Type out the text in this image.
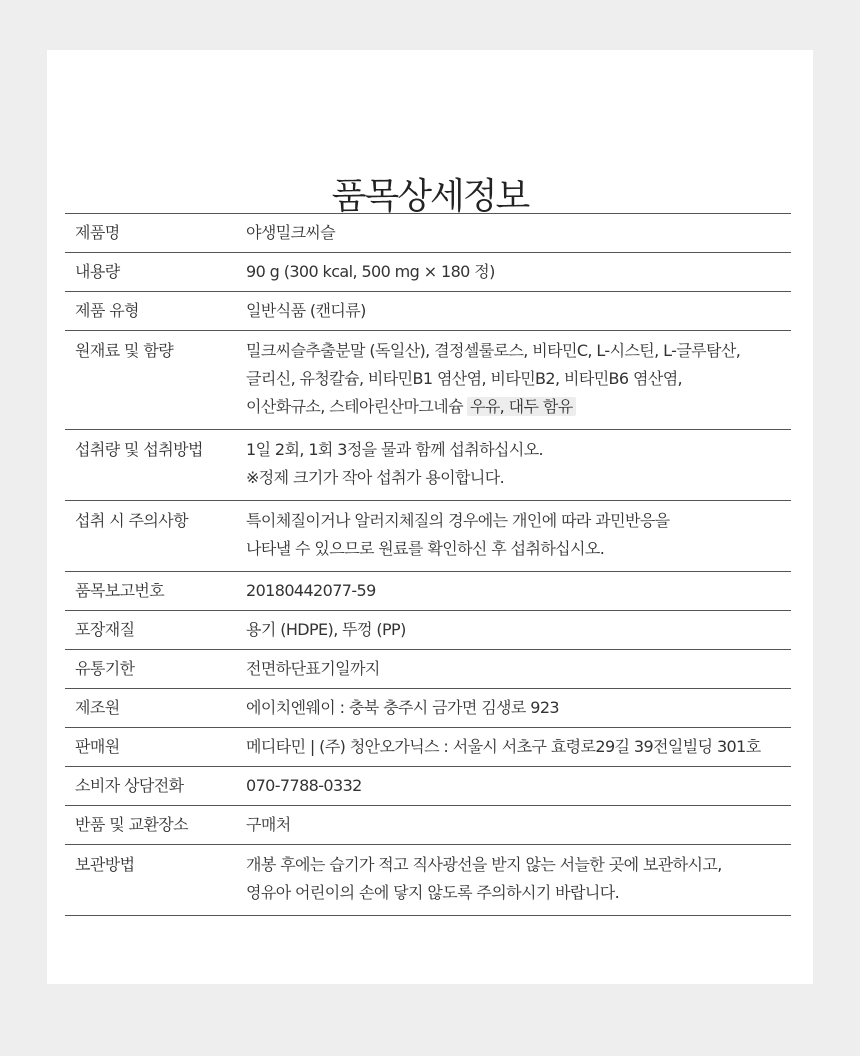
품목상세정보
제품명	야생밀크씨슬

내용량	90 g (300 kcal, 500 mg × 180 정)

제품 유형	일반식품 (캔디류)

원재료 및 함량	밀크씨슬추출분말 (독일산), 결정셀룰로스, 비타민C, L-시스틴, L-글루탐산,
글리신, 유청칼슘, 비타민B1 염산염, 비타민B2, 비타민B6 염산염,
이산화규소, 스테아린산마그네슘 우유, 대두 함유

섭취량 및 섭취방법	1일 2회, 1회 3정을 물과 함께 섭취하십시오.
※정제 크기가 작아 섭취가 용이합니다.

섭취 시 주의사항	특이체질이거나 알러지체질의 경우에는 개인에 따라 과민반응을
나타낼 수 있으므로 원료를 확인하신 후 섭취하십시오.

품목보고번호	20180442077-59

포장재질	용기 (HDPE), 뚜껑 (PP)

유통기한	전면하단표기일까지

제조원	에이치엔웨이 : 충북 충주시 금가면 김생로 923

판매원	메디타민 | (주) 청안오가닉스 : 서울시 서초구 효령로29길 39전일빌딩 301호

소비자 상담전화	070-7788-0332

반품 및 교환장소	구매처

보관방법	개봉 후에는 습기가 적고 직사광선을 받지 않는 서늘한 곳에 보관하시고,
영유아 어린이의 손에 닿지 않도록 주의하시기 바랍니다.
